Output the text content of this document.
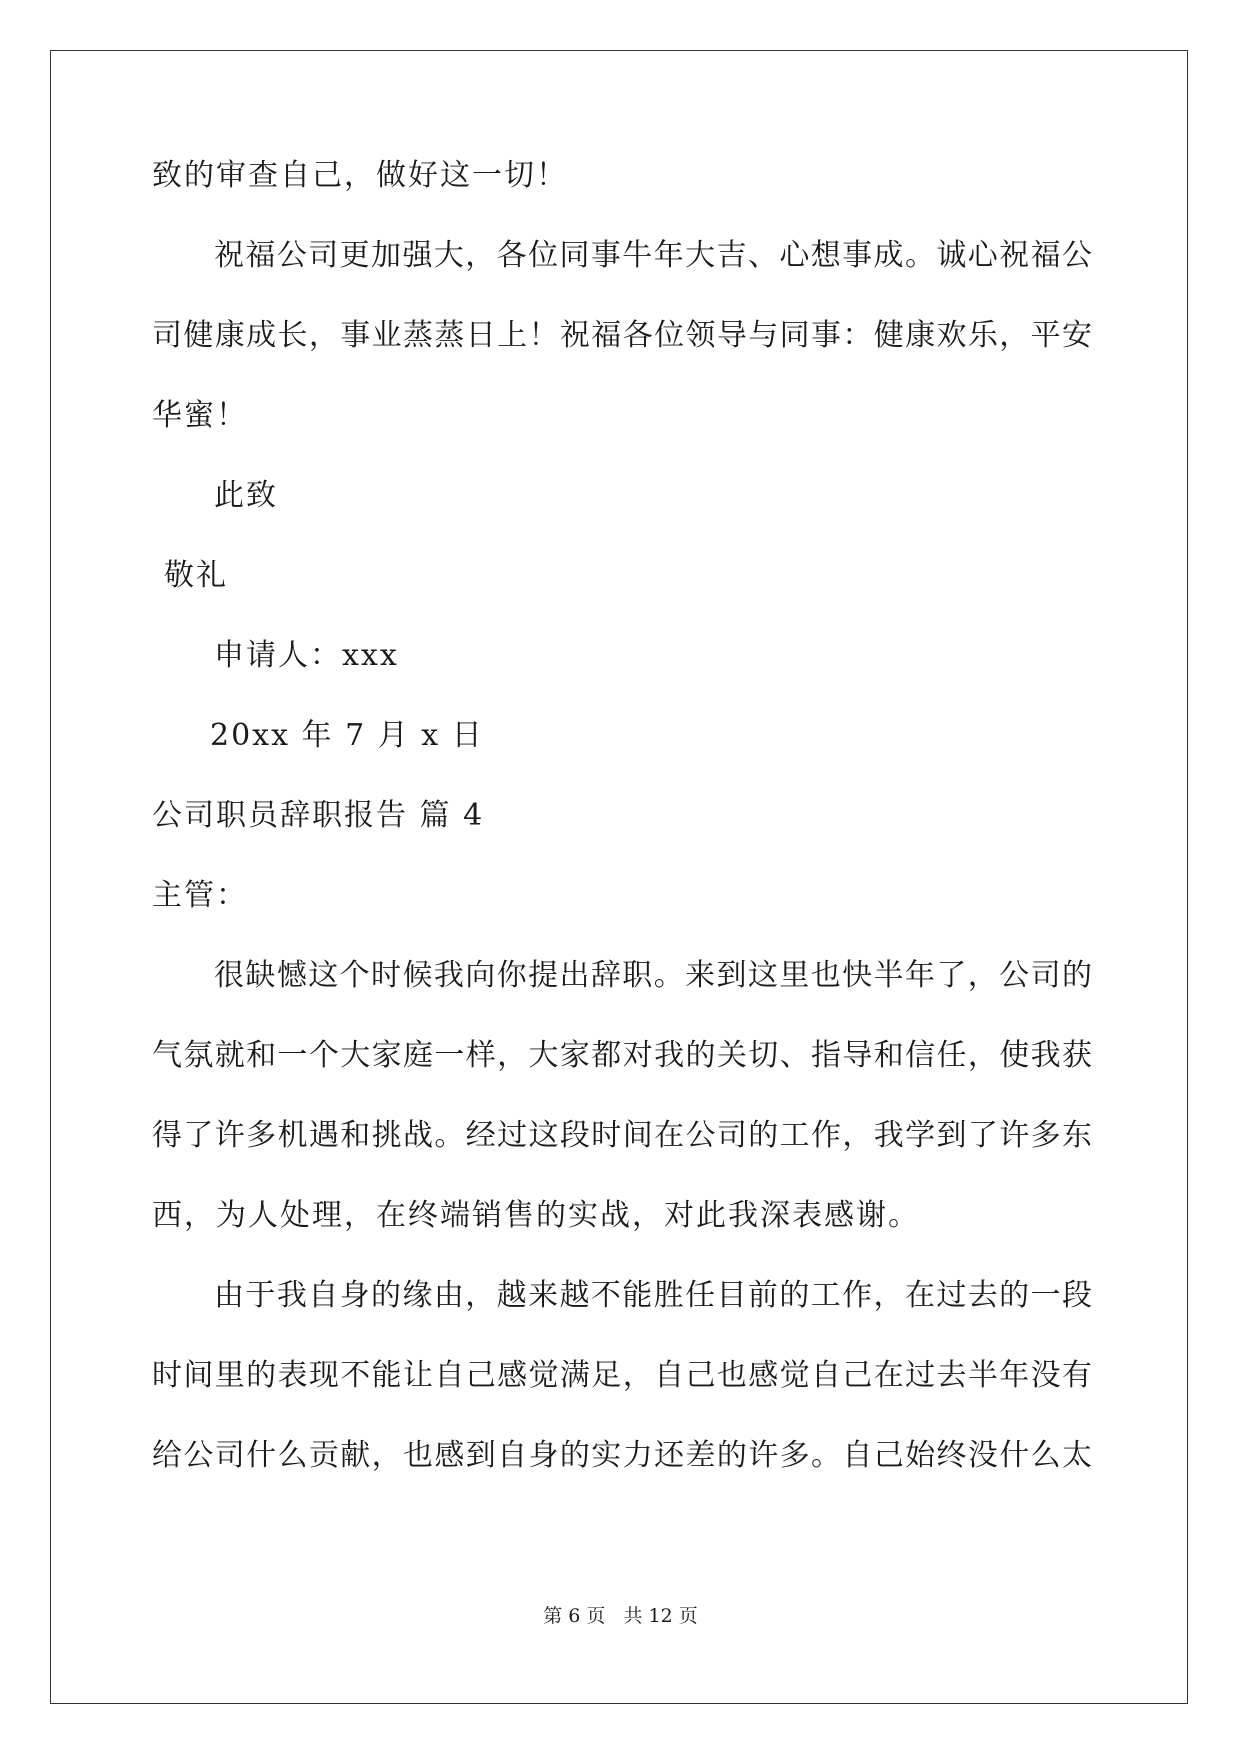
致的审查自己，做好这一切！
祝福公司更加强大，各位同事牛年大吉、心想事成。诚心祝福公
司健康成长，事业蒸蒸日上！祝福各位领导与同事：健康欢乐，平安
华蜜！
此致
敬礼
申请人：xxx
20xx 年 7 月 x 日
公司职员辞职报告 篇 4
主管：
很缺憾这个时候我向你提出辞职。来到这里也快半年了，公司的
气氛就和一个大家庭一样，大家都对我的关切、指导和信任，使我获
得了许多机遇和挑战。经过这段时间在公司的工作，我学到了许多东
西，为人处理，在终端销售的实战，对此我深表感谢。
由于我自身的缘由，越来越不能胜任目前的工作，在过去的一段
时间里的表现不能让自己感觉满足，自己也感觉自己在过去半年没有
给公司什么贡献，也感到自身的实力还差的许多。自己始终没什么太
第 6 页 共 12 页
